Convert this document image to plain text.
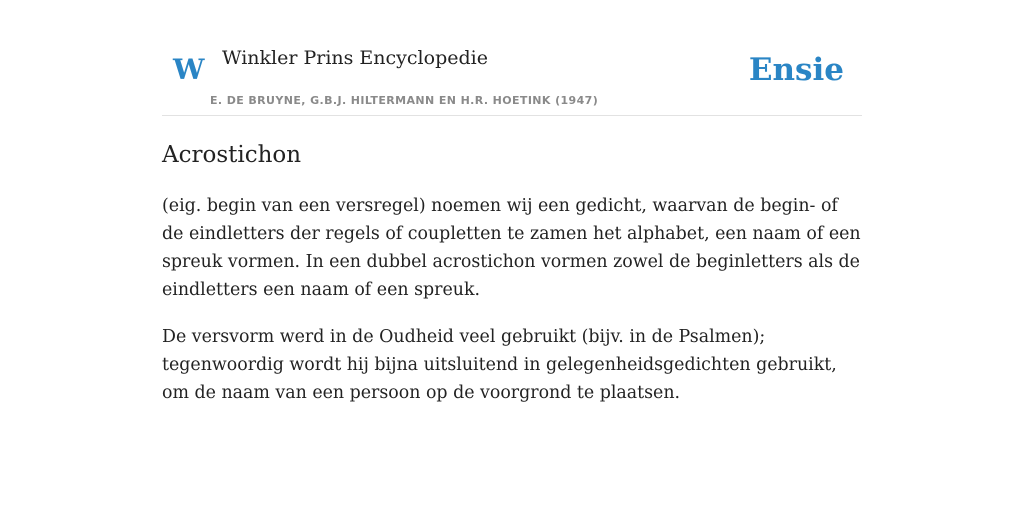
W Winkler Prins Encyclopedie
E. DE BRUYNE, G.B.J. HILTERMANN EN H.R. HOETINK (1947)
Ensie
Acrostichon

(eig. begin van een versregel) noemen wij een gedicht, waarvan de begin- of de eindletters der regels of coupletten te zamen het alphabet, een naam of een spreuk vormen. In een dubbel acrostichon vormen zowel de beginletters als de eindletters een naam of een spreuk.

De versvorm werd in de Oudheid veel gebruikt (bijv. in de Psalmen); tegenwoordig wordt hij bijna uitsluitend in gelegenheidsgedichten gebruikt, om de naam van een persoon op de voorgrond te plaatsen.
